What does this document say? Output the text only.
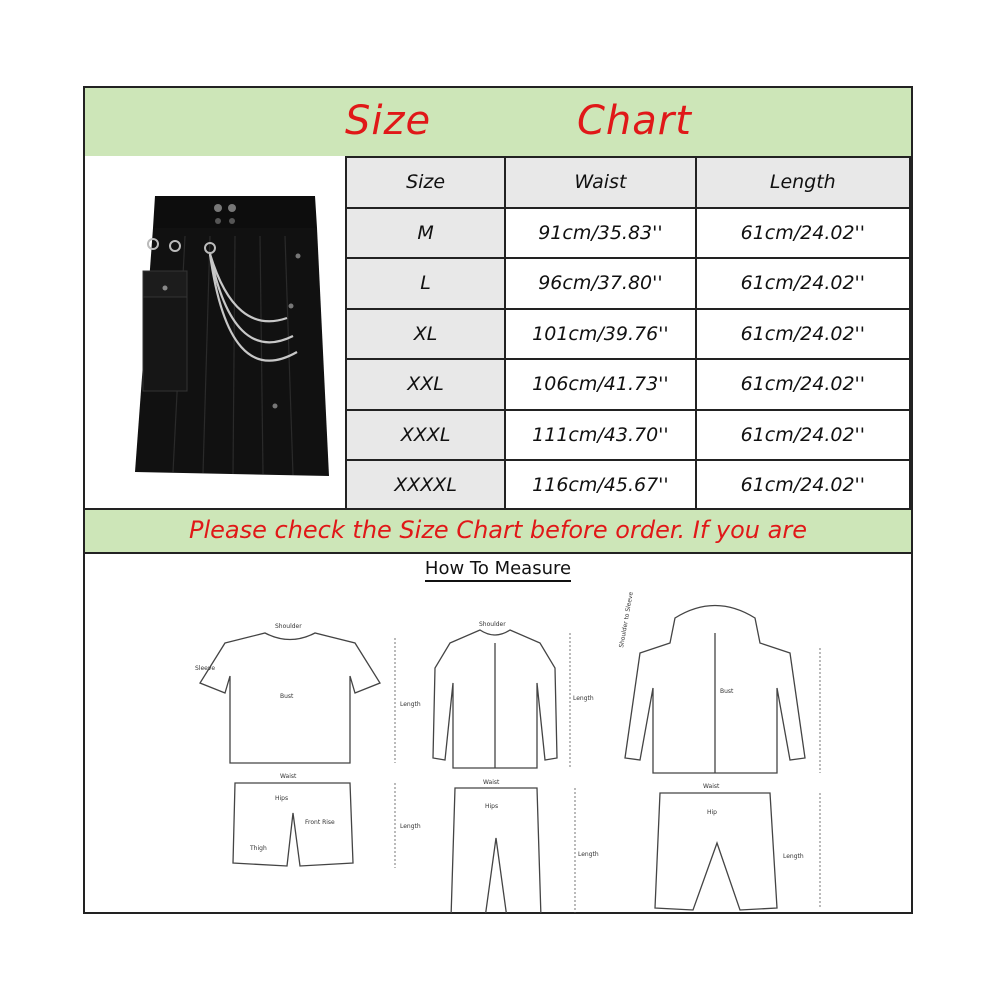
Size	Chart
Size	Waist	Length
M	91cm/35.83''	61cm/24.02''
L	96cm/37.80''	61cm/24.02''
XL	101cm/39.76''	61cm/24.02''
XXL	106cm/41.73''	61cm/24.02''
XXXL	111cm/43.70''	61cm/24.02''
XXXXL	116cm/45.67''	61cm/24.02''
Please check the Size Chart before order. If you are
How To Measure
Shoulder
Sleeve
Bust
Length
Waist
Hips
Front Rise
Thigh
Length
Shoulder
Length
Waist
Hips
Length
Shoulder to Sleeve
Bust
Waist
Hip
Length
